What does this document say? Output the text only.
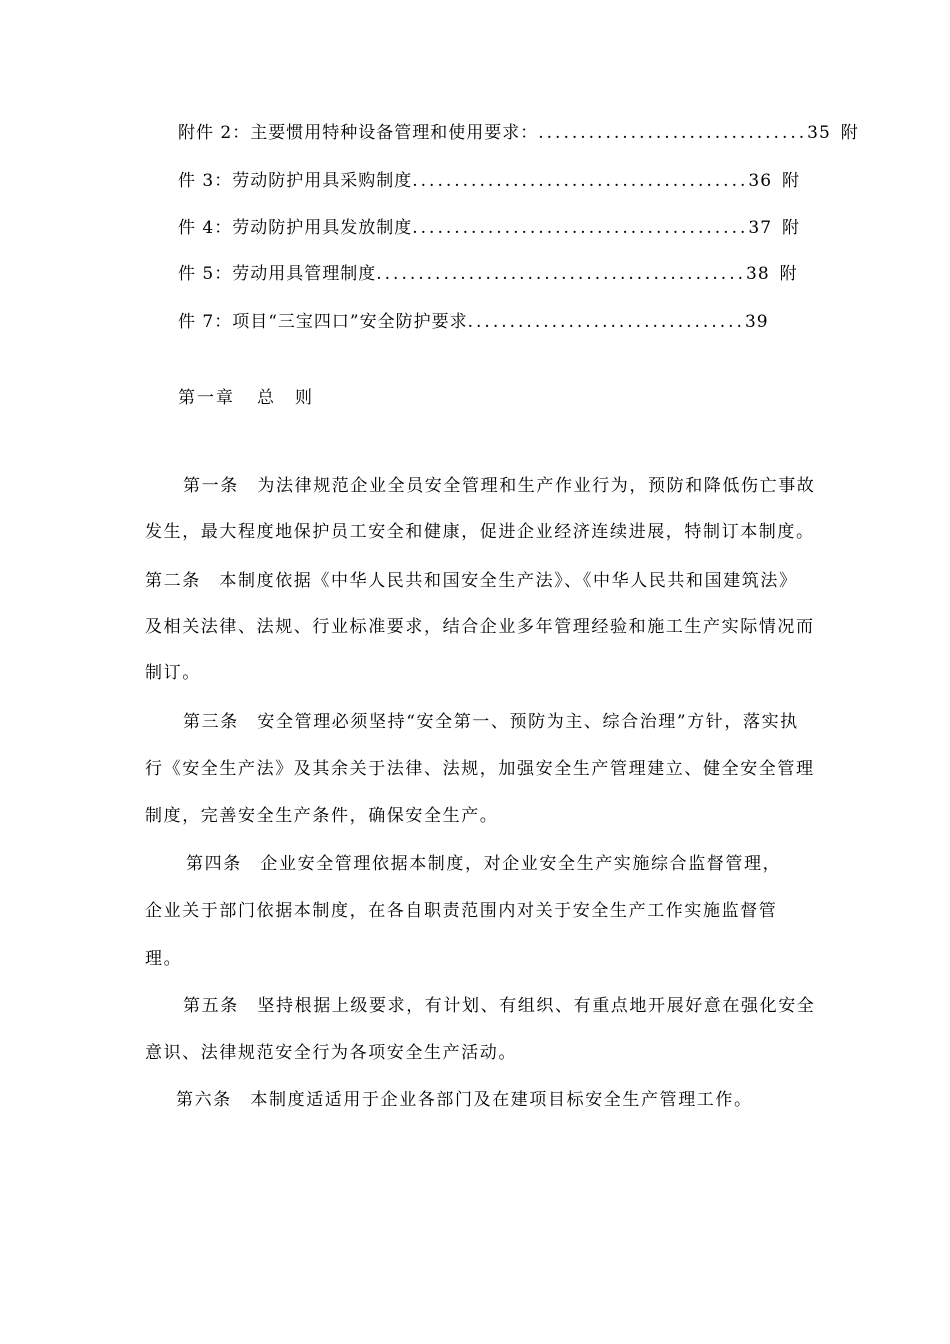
附件 2：主要惯用特种设备管理和使用要求：................................35 附
件 3：劳动防护用具采购制度........................................36 附
件 4：劳动防护用具发放制度........................................37 附
件 5：劳动用具管理制度............................................38 附
件 7：项目“三宝四口”安全防护要求.................................39
第一章 总　则
第一条　为法律规范企业全员安全管理和生产作业行为，预防和降低伤亡事故
发生，最大程度地保护员工安全和健康，促进企业经济连续进展，特制订本制度。
第二条　本制度依据《中华人民共和国安全生产法》、《中华人民共和国建筑法》
及相关法律、法规、行业标准要求，结合企业多年管理经验和施工生产实际情况而
制订。
第三条　安全管理必须坚持“安全第一、预防为主、综合治理”方针，落实执
行《安全生产法》及其余关于法律、法规，加强安全生产管理建立、健全安全管理
制度，完善安全生产条件，确保安全生产。
第四条　企业安全管理依据本制度，对企业安全生产实施综合监督管理，
企业关于部门依据本制度，在各自职责范围内对关于安全生产工作实施监督管
理。
第五条　坚持根据上级要求，有计划、有组织、有重点地开展好意在强化安全
意识、法律规范安全行为各项安全生产活动。
第六条　本制度适适用于企业各部门及在建项目标安全生产管理工作。
